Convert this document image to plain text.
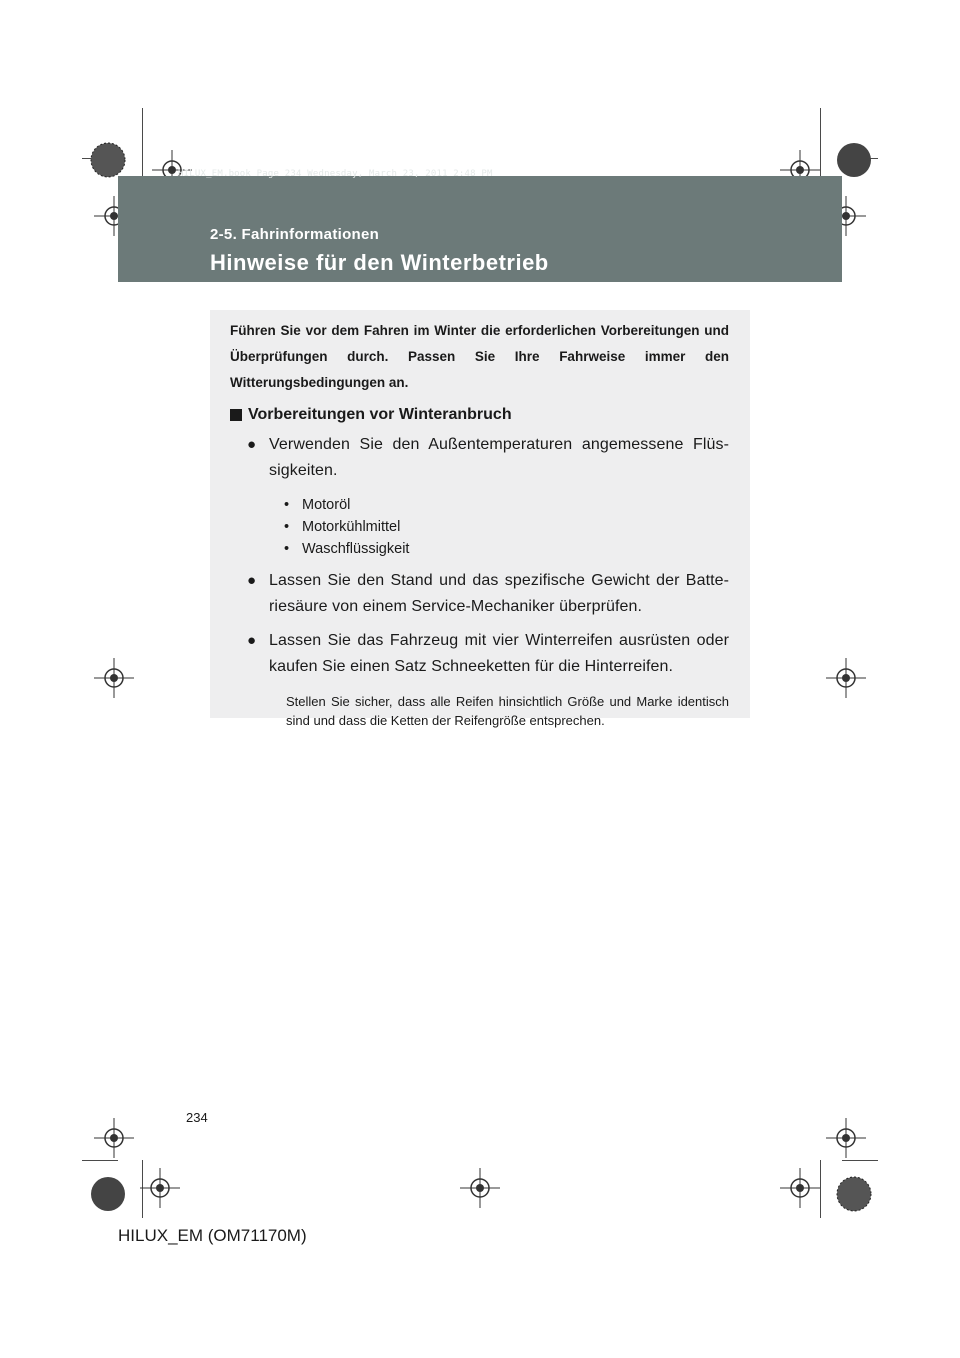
HILUX_EM.book Page 234 Wednesday, March 23, 2011 2:48 PM
2-5. Fahrinformationen
Hinweise für den Winterbetrieb

Führen Sie vor dem Fahren im Winter die erforderlichen Vorbereitungen und Überprüfungen durch. Passen Sie Ihre Fahrweise immer den Witterungsbedingungen an.

Vorbereitungen vor Winteranbruch
● Verwenden Sie den Außentemperaturen angemessene Flüssigkeiten.
• Motoröl
• Motorkühlmittel
• Waschflüssigkeit
● Lassen Sie den Stand und das spezifische Gewicht der Batteriesäure von einem Service-Mechaniker überprüfen.
● Lassen Sie das Fahrzeug mit vier Winterreifen ausrüsten oder kaufen Sie einen Satz Schneeketten für die Hinterreifen.

Stellen Sie sicher, dass alle Reifen hinsichtlich Größe und Marke identisch sind und dass die Ketten der Reifengröße entsprechen.

234
HILUX_EM (OM71170M)
